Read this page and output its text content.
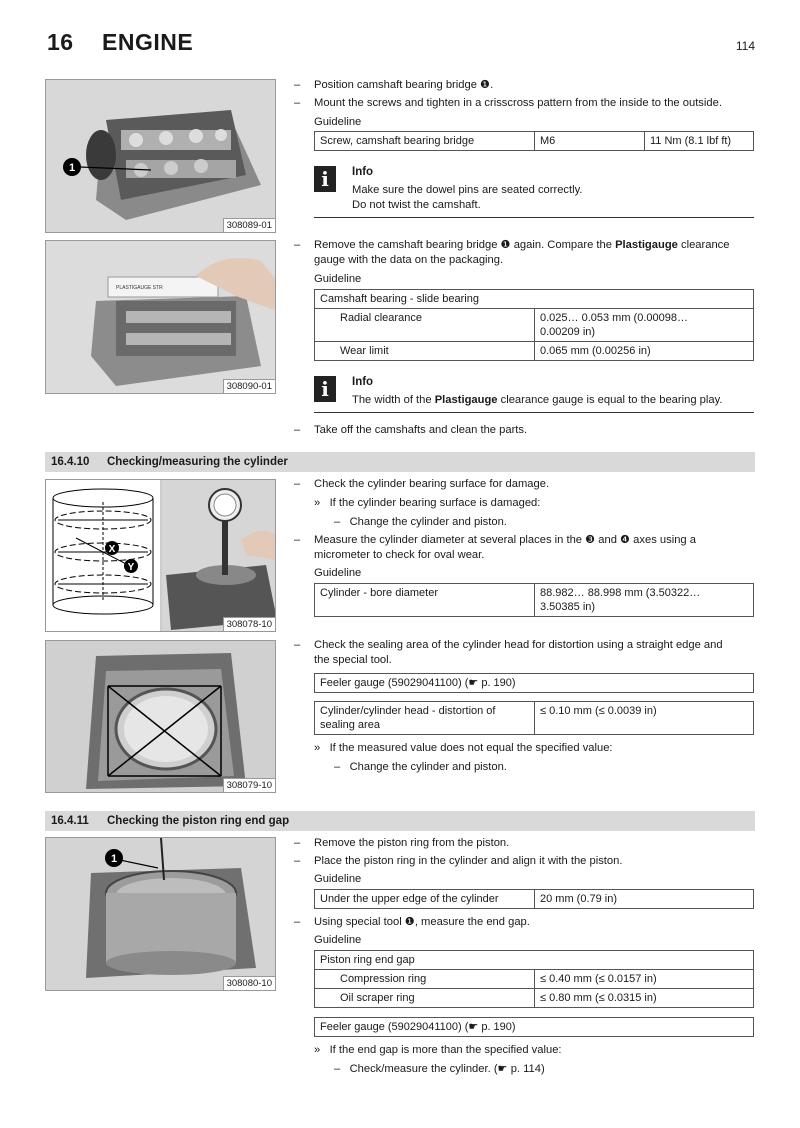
16 ENGINE	114
1
308089-01
PLASTIGAUGE STR
308090-01
–	Position camshaft bearing bridge ❶.
–	Mount the screws and tighten in a crisscross pattern from the inside to the outside.
Guideline
Screw, camshaft bearing bridge	M6	11 Nm (8.1 lbf ft)
i	Info
Make sure the dowel pins are seated correctly.
Do not twist the camshaft.
–	Remove the camshaft bearing bridge ❶ again. Compare the Plastigauge clearance
gauge with the data on the packaging.
Guideline
Camshaft bearing - slide bearing	
Radial clearance	0.025… 0.053 mm (0.00098…
0.00209 in)
Wear limit	0.065 mm (0.00256 in)
i	Info
The width of the Plastigauge clearance gauge is equal to the bearing play.
–	Take off the camshafts and clean the parts.
16.4.10 Checking/measuring the cylinder
X
Y
308078-10
–	Check the cylinder bearing surface for damage.
» If the cylinder bearing surface is damaged:
– Change the cylinder and piston.
–	Measure the cylinder diameter at several places in the ❸ and ❹ axes using a
micrometer to check for oval wear.
Guideline
Cylinder - bore diameter	88.982… 88.998 mm (3.50322…
3.50385 in)
308079-10
–	Check the sealing area of the cylinder head for distortion using a straight edge and
the special tool.
Feeler gauge (59029041100) (☛ p. 190)
Cylinder/cylinder head - distortion of
sealing area	≤ 0.10 mm (≤ 0.0039 in)
» If the measured value does not equal the specified value:
– Change the cylinder and piston.
16.4.11 Checking the piston ring end gap
1
308080-10
–	Remove the piston ring from the piston.
–	Place the piston ring in the cylinder and align it with the piston.
Guideline
Under the upper edge of the cylinder	20 mm (0.79 in)
–	Using special tool ❶, measure the end gap.
Guideline
Piston ring end gap	
Compression ring	≤ 0.40 mm (≤ 0.0157 in)
Oil scraper ring	≤ 0.80 mm (≤ 0.0315 in)
Feeler gauge (59029041100) (☛ p. 190)
» If the end gap is more than the specified value:
– Check/measure the cylinder. (☛ p. 114)
